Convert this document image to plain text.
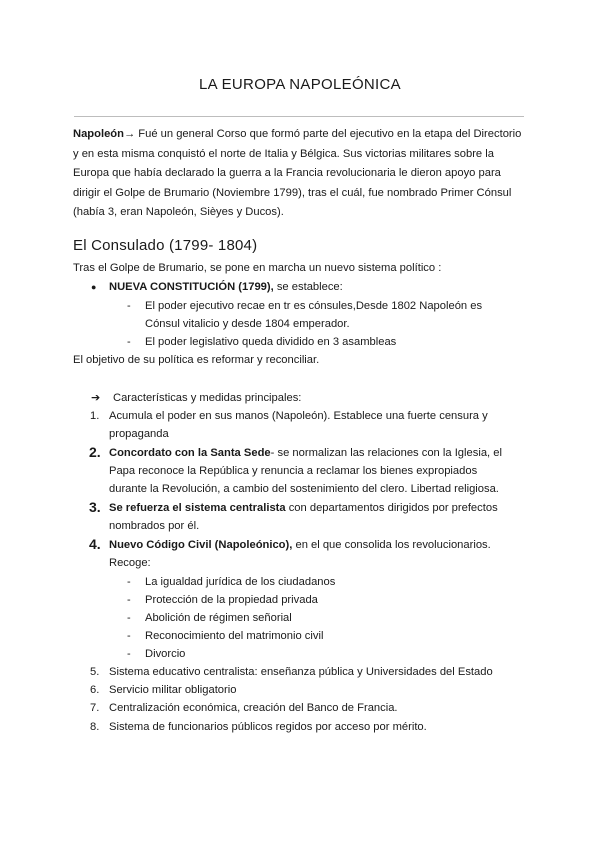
LA EUROPA NAPOLEÓNICA

Napoleón→ Fué un general Corso que formó parte del ejecutivo en la etapa del Directorio y en esta misma conquistó el norte de Italia y Bélgica. Sus victorias militares sobre la Europa que había declarado la guerra a la Francia revolucionaria le dieron apoyo para dirigir el Golpe de Brumario (Noviembre 1799), tras el cuál, fue nombrado Primer Cónsul (había 3, eran Napoleón, Sièyes y Ducos).

El Consulado (1799- 1804)
Tras el Golpe de Brumario, se pone en marcha un nuevo sistema político :
● NUEVA CONSTITUCIÓN (1799), se establece:
- El poder ejecutivo recae en tr es cónsules,Desde 1802 Napoleón es
Cónsul vitalicio y desde 1804 emperador.
- El poder legislativo queda dividido en 3 asambleas
El objetivo de su política es reformar y reconciliar.
➔ Características y medidas principales:
1. Acumula el poder en sus manos (Napoleón). Establece una fuerte censura y
propaganda
2. Concordato con la Santa Sede- se normalizan las relaciones con la Iglesia, el
Papa reconoce la República y renuncia a reclamar los bienes expropiados
durante la Revolución, a cambio del sostenimiento del clero. Libertad religiosa.
3. Se refuerza el sistema centralista con departamentos dirigidos por prefectos
nombrados por él.
4. Nuevo Código Civil (Napoleónico), en el que consolida los revolucionarios.
Recoge:
- La igualdad jurídica de los ciudadanos
- Protección de la propiedad privada
- Abolición de régimen señorial
- Reconocimiento del matrimonio civil
- Divorcio
5. Sistema educativo centralista: enseñanza pública y Universidades del Estado
6. Servicio militar obligatorio
7. Centralización económica, creación del Banco de Francia.
8. Sistema de funcionarios públicos regidos por acceso por mérito.
